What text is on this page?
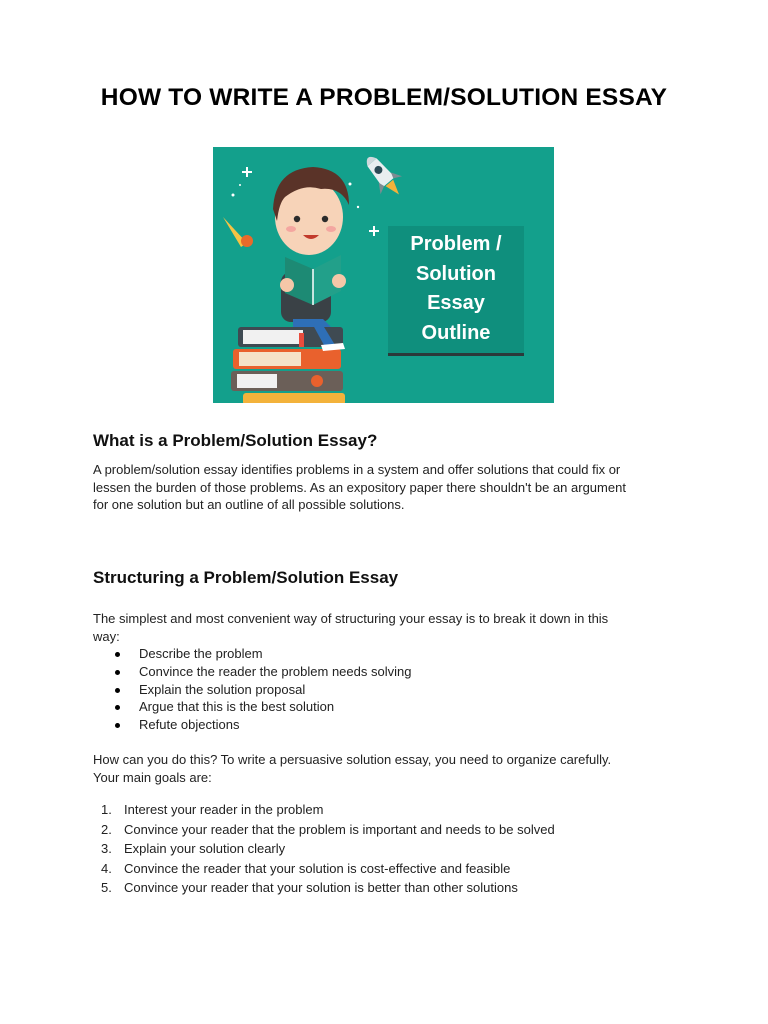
HOW TO WRITE A PROBLEM/SOLUTION ESSAY
Problem /
Solution
Essay
Outline
What is a Problem/Solution Essay?
A problem/solution essay identifies problems in a system and offer solutions that could fix or
lessen the burden of those problems. As an expository paper there shouldn't be an argument
for one solution but an outline of all possible solutions.
Structuring a Problem/Solution Essay
The simplest and most convenient way of structuring your essay is to break it down in this
way:
Describe the problem
Convince the reader the problem needs solving
Explain the solution proposal
Argue that this is the best solution
Refute objections
How can you do this? To write a persuasive solution essay, you need to organize carefully.
Your main goals are:
1. Interest your reader in the problem
2. Convince your reader that the problem is important and needs to be solved
3. Explain your solution clearly
4. Convince the reader that your solution is cost-effective and feasible
5. Convince your reader that your solution is better than other solutions
